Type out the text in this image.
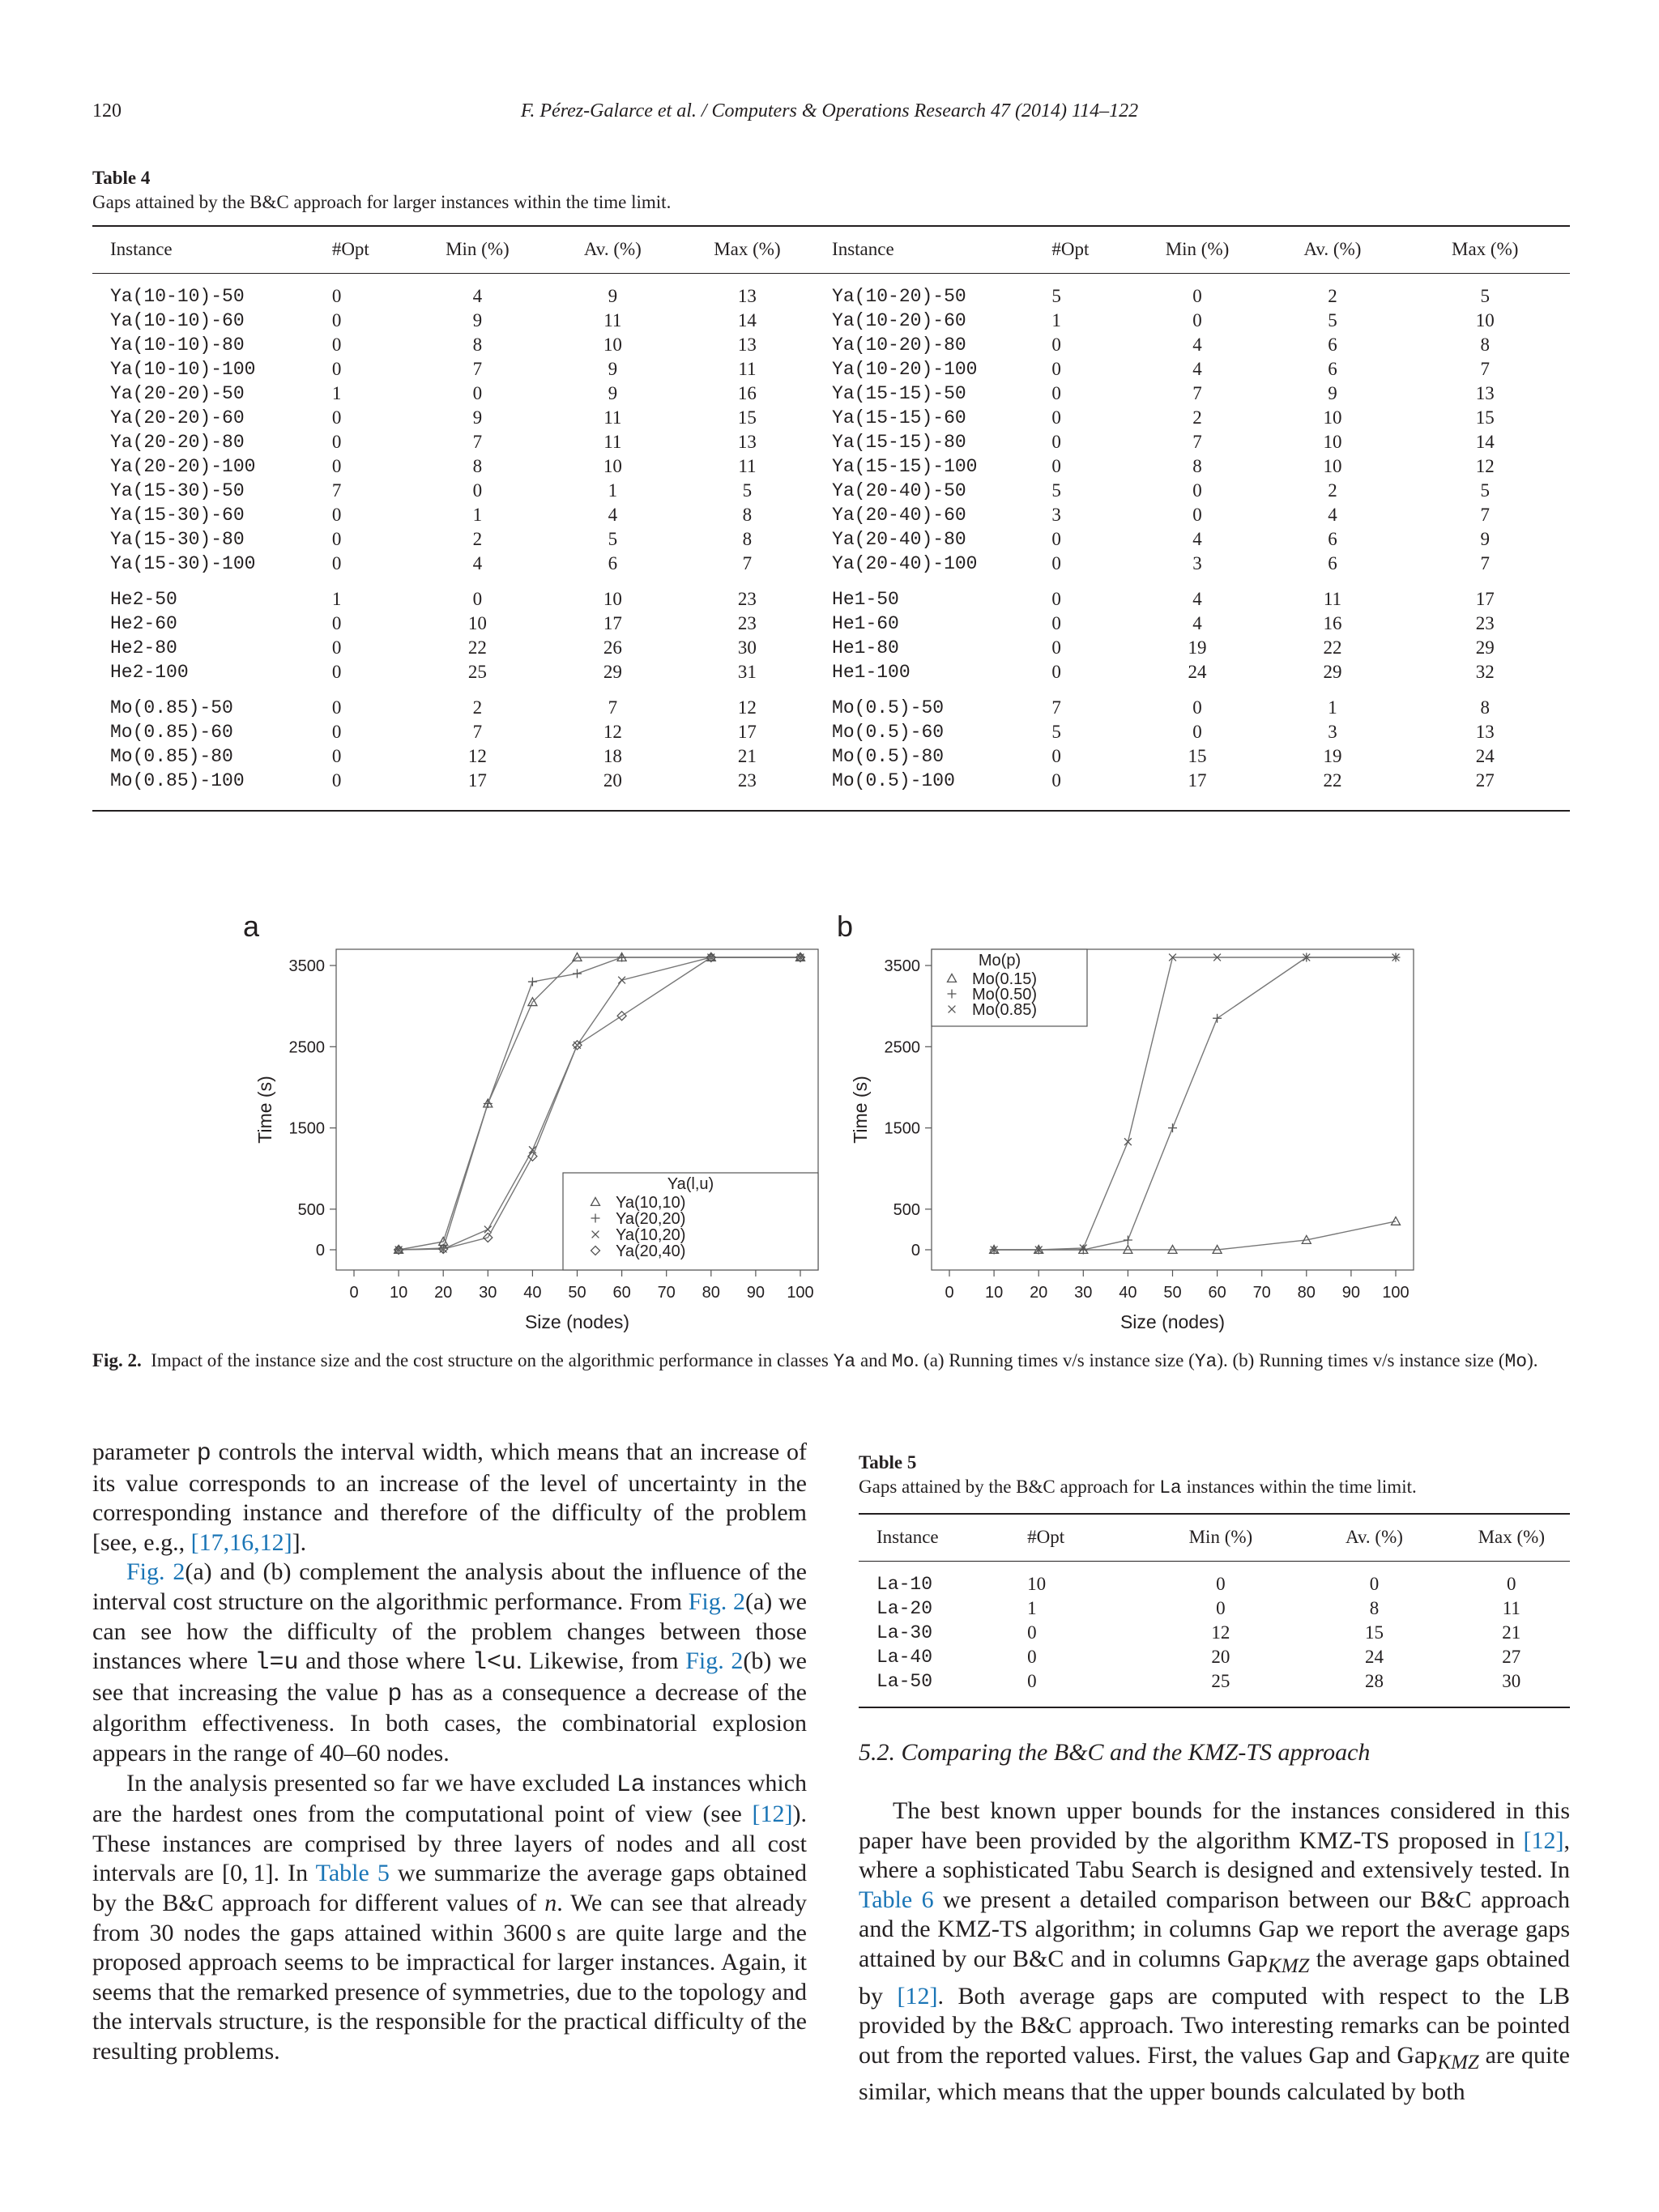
120	F. Pérez-Galarce et al. / Computers & Operations Research 47 (2014) 114–122
Table 4
Gaps attained by the B&C approach for larger instances within the time limit.
Instance	#Opt	Min (%)	Av. (%)	Max (%)	Instance	#Opt	Min (%)	Av. (%)	Max (%)

Ya(10-10)-50	0	4	9	13	Ya(10-20)-50	5	0	2	5
Ya(10-10)-60	0	9	11	14	Ya(10-20)-60	1	0	5	10
Ya(10-10)-80	0	8	10	13	Ya(10-20)-80	0	4	6	8
Ya(10-10)-100	0	7	9	11	Ya(10-20)-100	0	4	6	7
Ya(20-20)-50	1	0	9	16	Ya(15-15)-50	0	7	9	13
Ya(20-20)-60	0	9	11	15	Ya(15-15)-60	0	2	10	15
Ya(20-20)-80	0	7	11	13	Ya(15-15)-80	0	7	10	14
Ya(20-20)-100	0	8	10	11	Ya(15-15)-100	0	8	10	12
Ya(15-30)-50	7	0	1	5	Ya(20-40)-50	5	0	2	5
Ya(15-30)-60	0	1	4	8	Ya(20-40)-60	3	0	4	7
Ya(15-30)-80	0	2	5	8	Ya(20-40)-80	0	4	6	9
Ya(15-30)-100	0	4	6	7	Ya(20-40)-100	0	3	6	7

He2-50	1	0	10	23	He1-50	0	4	11	17
He2-60	0	10	17	23	He1-60	0	4	16	23
He2-80	0	22	26	30	He1-80	0	19	22	29
He2-100	0	25	29	31	He1-100	0	24	29	32

Mo(0.85)-50	0	2	7	12	Mo(0.5)-50	7	0	1	8
Mo(0.85)-60	0	7	12	17	Mo(0.5)-60	5	0	3	13
Mo(0.85)-80	0	12	18	21	Mo(0.5)-80	0	15	19	24
Mo(0.85)-100	0	17	20	23	Mo(0.5)-100	0	17	22	27
a
0 10 20 30 40 50 60 70 80 90 100
0
500
1500
2500
3500
Size (nodes)
Time (s)
Ya(l,u)
Ya(10,10)
Ya(20,20)
Ya(10,20)
Ya(20,40)
b
0 10 20 30 40 50 60 70 80 90 100
0
500
1500
2500
3500
Size (nodes)
Time (s)
Mo(p)
Mo(0.15)
Mo(0.50)
Mo(0.85)
Fig. 2. Impact of the instance size and the cost structure on the algorithmic performance in classes Ya and Mo. (a) Running times v/s instance size (Ya). (b) Running times v/s instance size (Mo).

parameter p controls the interval width, which means that an increase of its value corresponds to an increase of the level of uncertainty in the corresponding instance and therefore of the difficulty of the problem [see, e.g., [17,16,12]].

Fig. 2(a) and (b) complement the analysis about the influence of the interval cost structure on the algorithmic performance. From Fig. 2(a) we can see how the difficulty of the problem changes between those instances where l=u and those where l<u. Likewise, from Fig. 2(b) we see that increasing the value p has as a consequence a decrease of the algorithm effectiveness. In both cases, the combinatorial explosion appears in the range of 40–60 nodes.

In the analysis presented so far we have excluded La instances which are the hardest ones from the computational point of view (see [12]). These instances are comprised by three layers of nodes and all cost intervals are [0, 1]. In Table 5 we summarize the average gaps obtained by the B&C approach for different values of n. We can see that already from 30 nodes the gaps attained within 3600 s are quite large and the proposed approach seems to be impractical for larger instances. Again, it seems that the remarked presence of symmetries, due to the topology and the intervals structure, is the responsible for the practical difficulty of the resulting problems.

Table 5
Gaps attained by the B&C approach for La instances within the time limit.
Instance	#Opt	Min (%)	Av. (%)	Max (%)

La-10	10	0	0	0
La-20	1	0	8	11
La-30	0	12	15	21
La-40	0	20	24	27
La-50	0	25	28	30
5.2. Comparing the B&C and the KMZ-TS approach

The best known upper bounds for the instances considered in this paper have been provided by the algorithm KMZ-TS proposed in [12], where a sophisticated Tabu Search is designed and extensively tested. In Table 6 we present a detailed comparison between our B&C approach and the KMZ-TS algorithm; in columns Gap we report the average gaps attained by our B&C and in columns Gap$_{KMZ}$ the average gaps obtained by [12]. Both average gaps are computed with respect to the LB provided by the B&C approach. Two interesting remarks can be pointed out from the reported values. First, the values Gap and Gap$_{KMZ}$ are quite similar, which means that the upper bounds calculated by both
